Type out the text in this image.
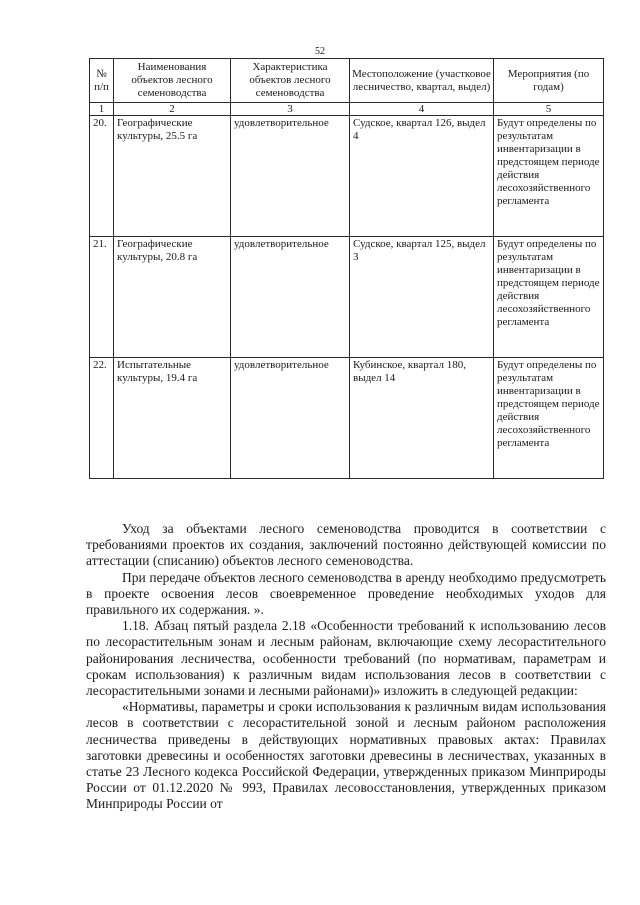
52
№ п/п	Наименования объектов лесного семеноводства	Характеристика объектов лесного семеноводства	Местоположение (участковое лесничество, квартал, выдел)	Мероприятия (по годам)
1	2	3	4	5
20.	Географические культуры, 25.5 га	удовлетворительное	Судское, квартал 126, выдел 4	Будут определены по результатам инвентаризации в предстоящем периоде действия лесохозяйственного регламента
21.	Географические культуры, 20.8 га	удовлетворительное	Судское, квартал 125, выдел 3	Будут определены по результатам инвентаризации в предстоящем периоде действия лесохозяйственного регламента
22.	Испытательные культуры, 19.4 га	удовлетворительное	Кубинское, квартал 180, выдел 14	Будут определены по результатам инвентаризации в предстоящем периоде действия лесохозяйственного регламента

Уход за объектами лесного семеноводства проводится в соответствии с требованиями проектов их создания, заключений постоянно действующей комиссии по аттестации (списанию) объектов лесного семеноводства.

При передаче объектов лесного семеноводства в аренду необходимо предусмотреть в проекте освоения лесов своевременное проведение необходимых уходов для правильного их содержания. ».

1.18. Абзац пятый раздела 2.18 «Особенности требований к использованию лесов по лесорастительным зонам и лесным районам, включающие схему лесорастительного районирования лесничества, особенности требований (по нормативам, параметрам и срокам использования) к различным видам использования лесов в соответствии с лесорастительными зонами и лесными районами)» изложить в следующей редакции:

«Нормативы, параметры и сроки использования к различным видам использования лесов в соответствии с лесорастительной зоной и лесным районом расположения лесничества приведены в действующих нормативных правовых актах: Правилах заготовки древесины и особенностях заготовки древесины в лесничествах, указанных в статье 23 Лесного кодекса Российской Федерации, утвержденных приказом Минприроды России от 01.12.2020 № 993, Правилах лесовосстановления, утвержденных приказом Минприроды России от
